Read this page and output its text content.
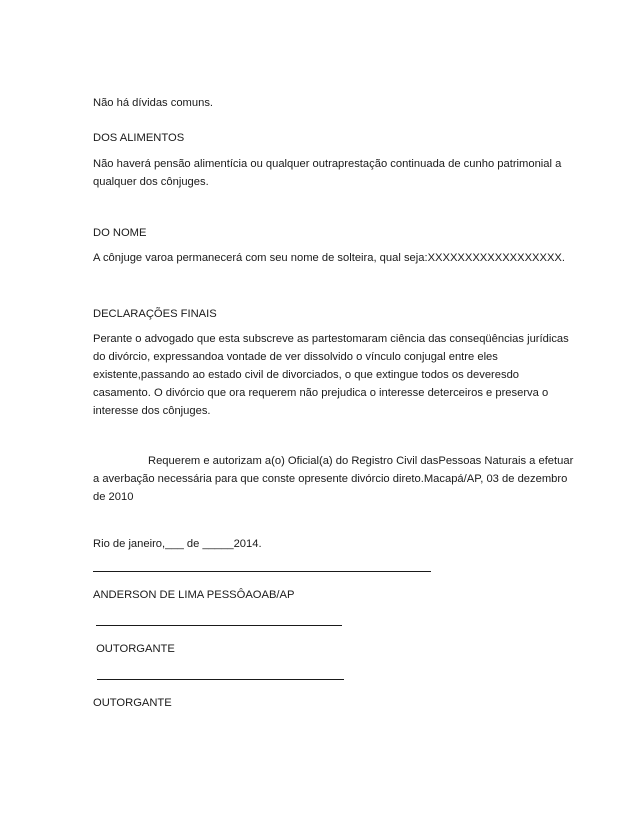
Não há dívidas comuns.
DOS ALIMENTOS
Não haverá pensão alimentícia ou qualquer outraprestação continuada de cunho patrimonial a
qualquer dos cônjuges.
DO NOME
A cônjuge varoa permanecerá com seu nome de solteira, qual seja:XXXXXXXXXXXXXXXXXX.
DECLARAÇÕES FINAIS
Perante o advogado que esta subscreve as partestomaram ciência das conseqüências jurídicas
do divórcio, expressandoa vontade de ver dissolvido o vínculo conjugal entre eles
existente,passando ao estado civil de divorciados, o que extingue todos os deveresdo
casamento. O divórcio que ora requerem não prejudica o interesse deterceiros e preserva o
interesse dos cônjuges.
Requerem e autorizam a(o) Oficial(a) do Registro Civil dasPessoas Naturais a efetuar
a averbação necessária para que conste opresente divórcio direto.Macapá/AP, 03 de dezembro
de 2010
Rio de janeiro,___ de _____2014.
ANDERSON DE LIMA PESSÔAOAB/AP
OUTORGANTE
OUTORGANTE
